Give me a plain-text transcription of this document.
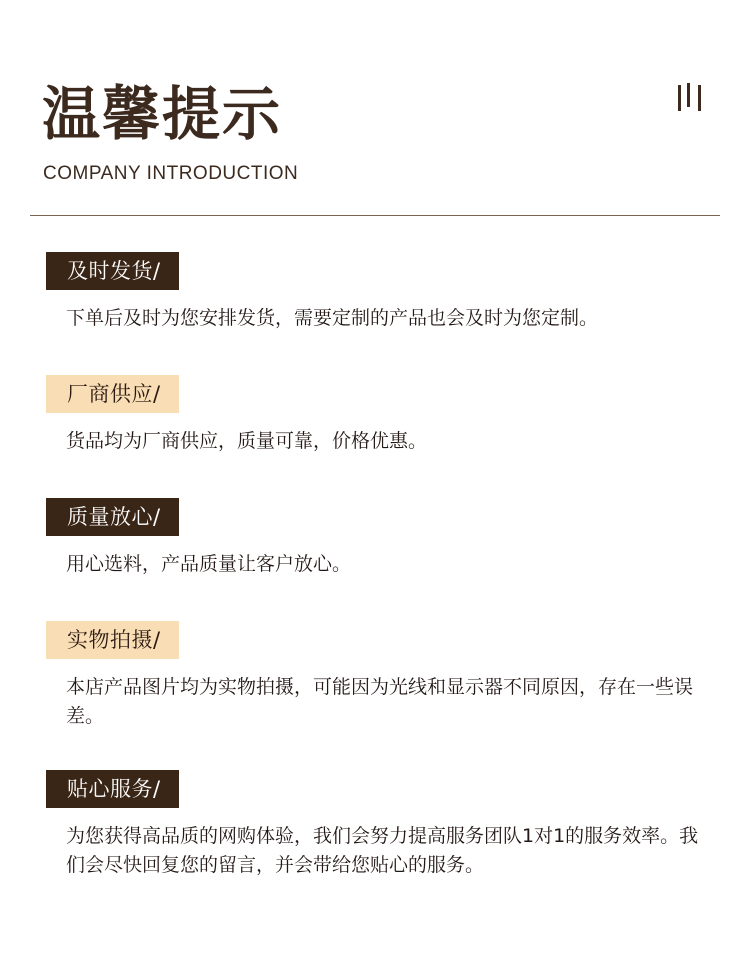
温馨提示
COMPANY INTRODUCTION
及时发货/
下单后及时为您安排发货，需要定制的产品也会及时为您定制。
厂商供应/
货品均为厂商供应，质量可靠，价格优惠。
质量放心/
用心选料，产品质量让客户放心。
实物拍摄/
本店产品图片均为实物拍摄，可能因为光线和显示器不同原因，存在一些误差。
贴心服务/
为您获得高品质的网购体验，我们会努力提高服务团队1对1的服务效率。我们会尽快回复您的留言，并会带给您贴心的服务。
